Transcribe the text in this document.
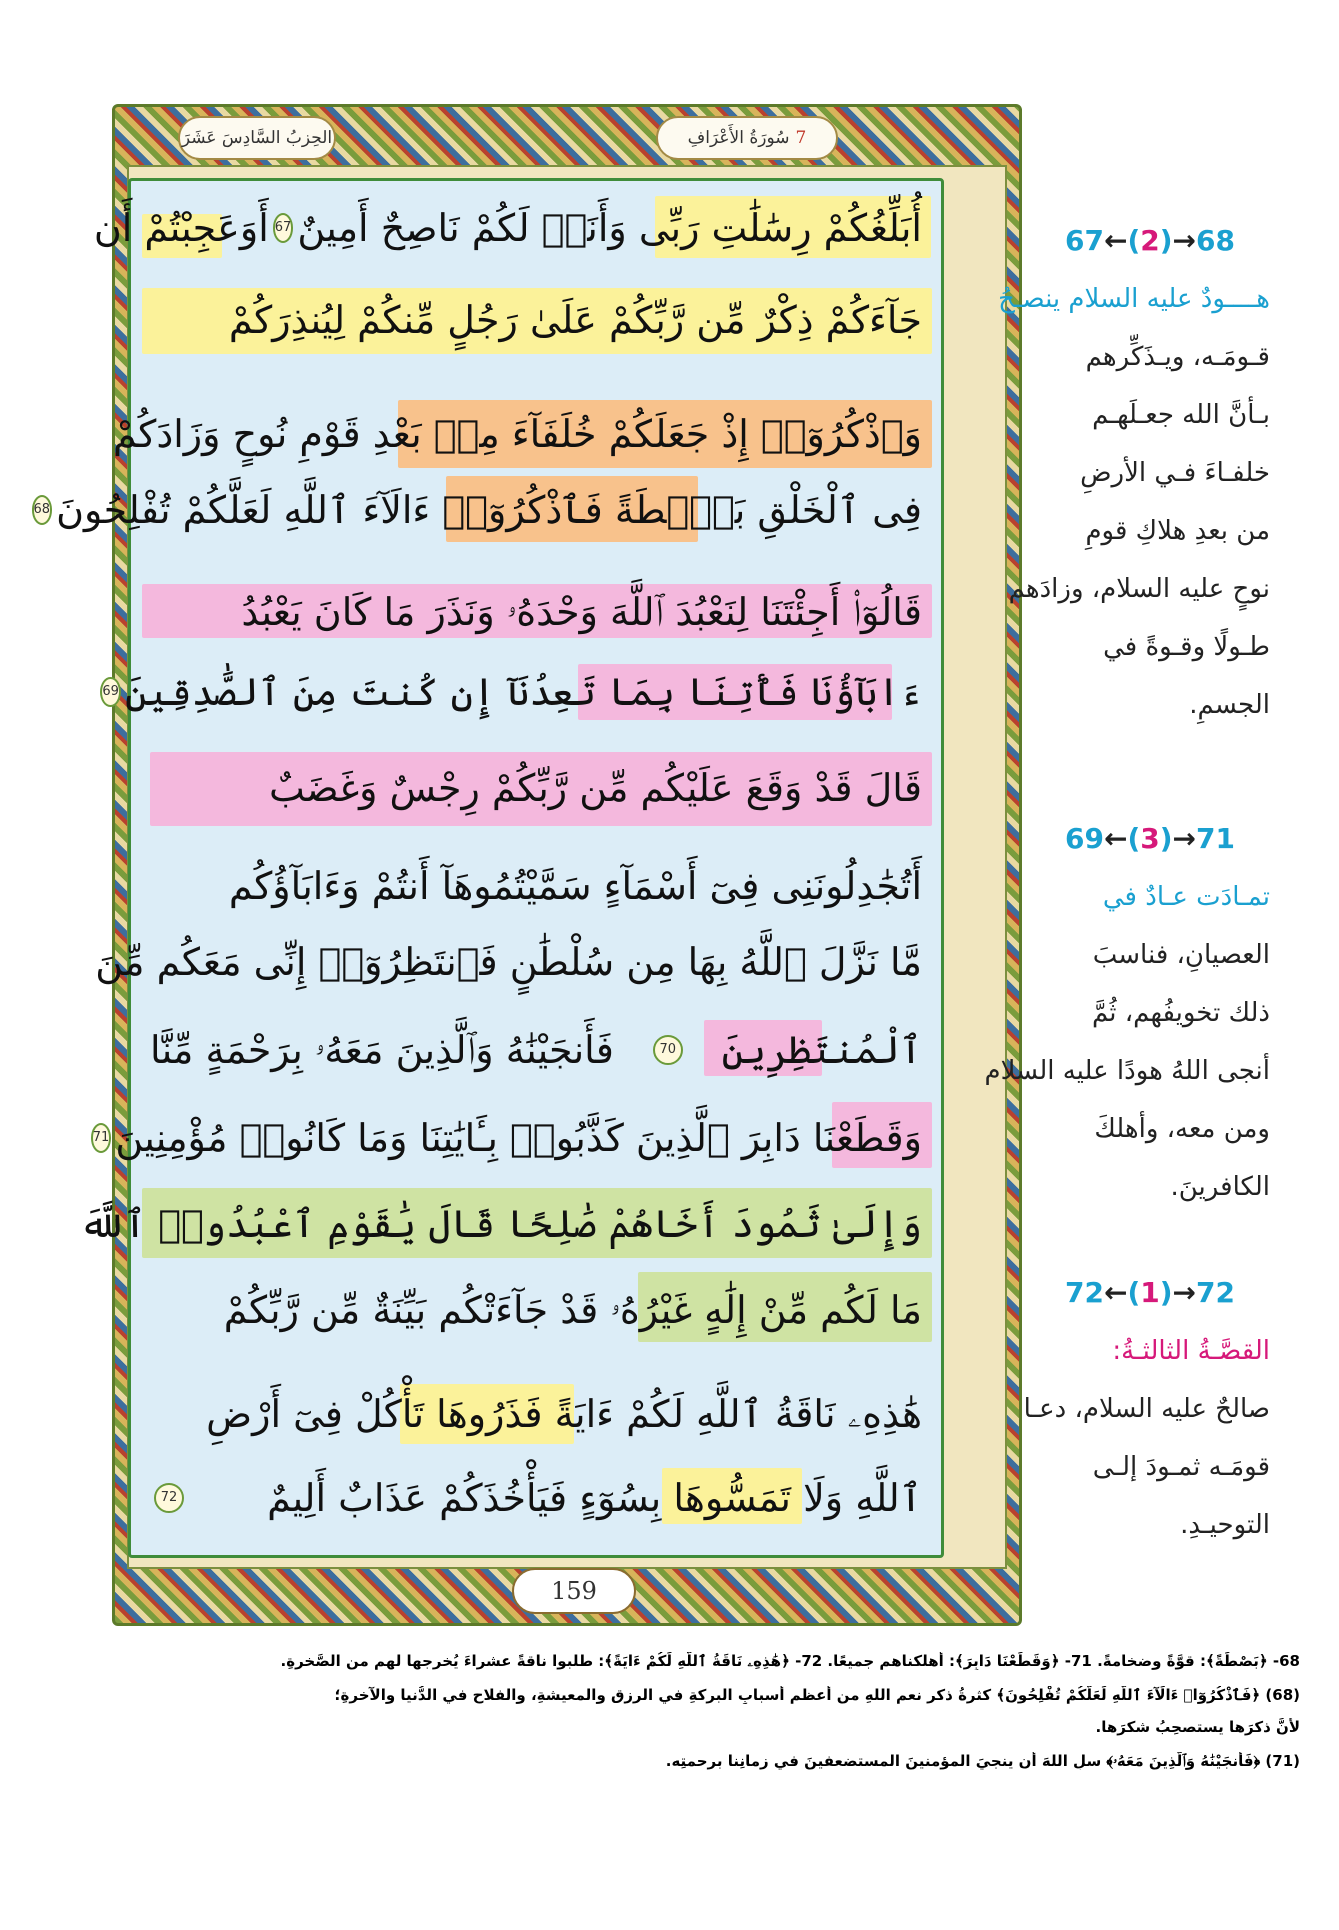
الحِزبُ السَّادِسَ عَشَرَ	سُورَةُ الأَعْرَافِ 7
أُبَلِّغُكُمْ رِسَٰلَٰتِ رَبِّى وَأَنَا۠ لَكُمْ نَاصِحٌ أَمِينٌ
67
أَوَعَجِبْتُمْ أَن
جَآءَكُمْ ذِكْرٌ مِّن رَّبِّكُمْ عَلَىٰ رَجُلٍ مِّنكُمْ لِيُنذِرَكُمْ
وَٱذْكُرُوٓا۟ إِذْ جَعَلَكُمْ خُلَفَآءَ مِنۢ بَعْدِ قَوْمِ نُوحٍ وَزَادَكُمْ
فِى ٱلْخَلْقِ بَصْۜطَةً فَٱذْكُرُوٓا۟ ءَالَآءَ ٱللَّهِ لَعَلَّكُمْ تُفْلِحُونَ
68
قَالُوٓا۟ أَجِئْتَنَا لِنَعْبُدَ ٱللَّهَ وَحْدَهُۥ وَنَذَرَ مَا كَانَ يَعْبُدُ
ءَابَآؤُنَا فَأْتِنَا بِمَا تَعِدُنَآ إِن كُنتَ مِنَ ٱلصَّٰدِقِينَ
69
قَالَ قَدْ وَقَعَ عَلَيْكُم مِّن رَّبِّكُمْ رِجْسٌ وَغَضَبٌ
أَتُجَٰدِلُونَنِى فِىٓ أَسْمَآءٍ سَمَّيْتُمُوهَآ أَنتُمْ وَءَابَآؤُكُم
مَّا نَزَّلَ ٱللَّهُ بِهَا مِن سُلْطَٰنٍ فَٱنتَظِرُوٓا۟ إِنِّى مَعَكُم مِّنَ
ٱلْمُنتَظِرِينَ
70
فَأَنجَيْنَٰهُ وَٱلَّذِينَ مَعَهُۥ بِرَحْمَةٍ مِّنَّا
وَقَطَعْنَا دَابِرَ ٱلَّذِينَ كَذَّبُوا۟ بِـَٔايَٰتِنَا وَمَا كَانُوا۟ مُؤْمِنِينَ
71
وَإِلَىٰ ثَمُودَ أَخَاهُمْ صَٰلِحًا قَالَ يَٰقَوْمِ ٱعْبُدُوا۟ ٱللَّهَ
مَا لَكُم مِّنْ إِلَٰهٍ غَيْرُهُۥ قَدْ جَآءَتْكُم بَيِّنَةٌ مِّن رَّبِّكُمْ
هَٰذِهِۦ نَاقَةُ ٱللَّهِ لَكُمْ ءَايَةً فَذَرُوهَا تَأْكُلْ فِىٓ أَرْضِ
ٱللَّهِ وَلَا تَمَسُّوهَا بِسُوٓءٍ فَيَأْخُذَكُمْ عَذَابٌ أَلِيمٌ
72
159
68→(2)←67
هــــودٌ عليه السلام ينصـحُ
قـومَـه، ويـذَكِّرهم
بـأنَّ الله جعـلَهـم
خلفـاءَ فـي الأرضِ
من بعدِ هلاكِ قومِ
نوحٍ عليه السلام، وزادَهم
طـولًا وقـوةً في
الجسمِ.
71→(3)←69
تمـادَت عـادٌ في
العصيانِ، فناسبَ
ذلك تخويفُهم، ثُمَّ
أنجى اللهُ هودًا عليه السلام
ومن معه، وأهلكَ
الكافرينَ.
72→(1)←72
القصَّـةُ الثالثـةُ:
صالحٌ عليه السلام، دعـا
قومَـه ثمـودَ إلـى
التوحيـدِ.
68- ﴿بَصْطَةً﴾: قوَّةً وضخامةً. 71- ﴿وَقَطَعْنَا دَابِرَ﴾: أهلكناهم جميعًا. 72- ﴿هَٰذِهِۦ نَاقَةُ ٱللَّهِ لَكُمْ ءَايَةً﴾: طلبوا ناقةً عشراءَ يُخرِجها لهم من الصَّخرةِ.
(68) ﴿فَٱذْكُرُوٓا۟ ءَالَآءَ ٱللَّهِ لَعَلَّكُمْ تُفْلِحُونَ﴾ كثرةُ ذكرِ نعمِ اللهِ من أعظمِ أسبابِ البركةِ في الرزقِ والمعيشةِ، والفلاحِ في الدُّنيا والآخرةِ؛
لأنَّ ذكرَها يستصحِبُ شكرَها.
(71) ﴿فَأَنجَيْنَٰهُ وَٱلَّذِينَ مَعَهُۥ﴾ سلِ اللهَ أن ينجيَ المؤمنينَ المستضعفينَ في زمانِنا برحمتِه.
